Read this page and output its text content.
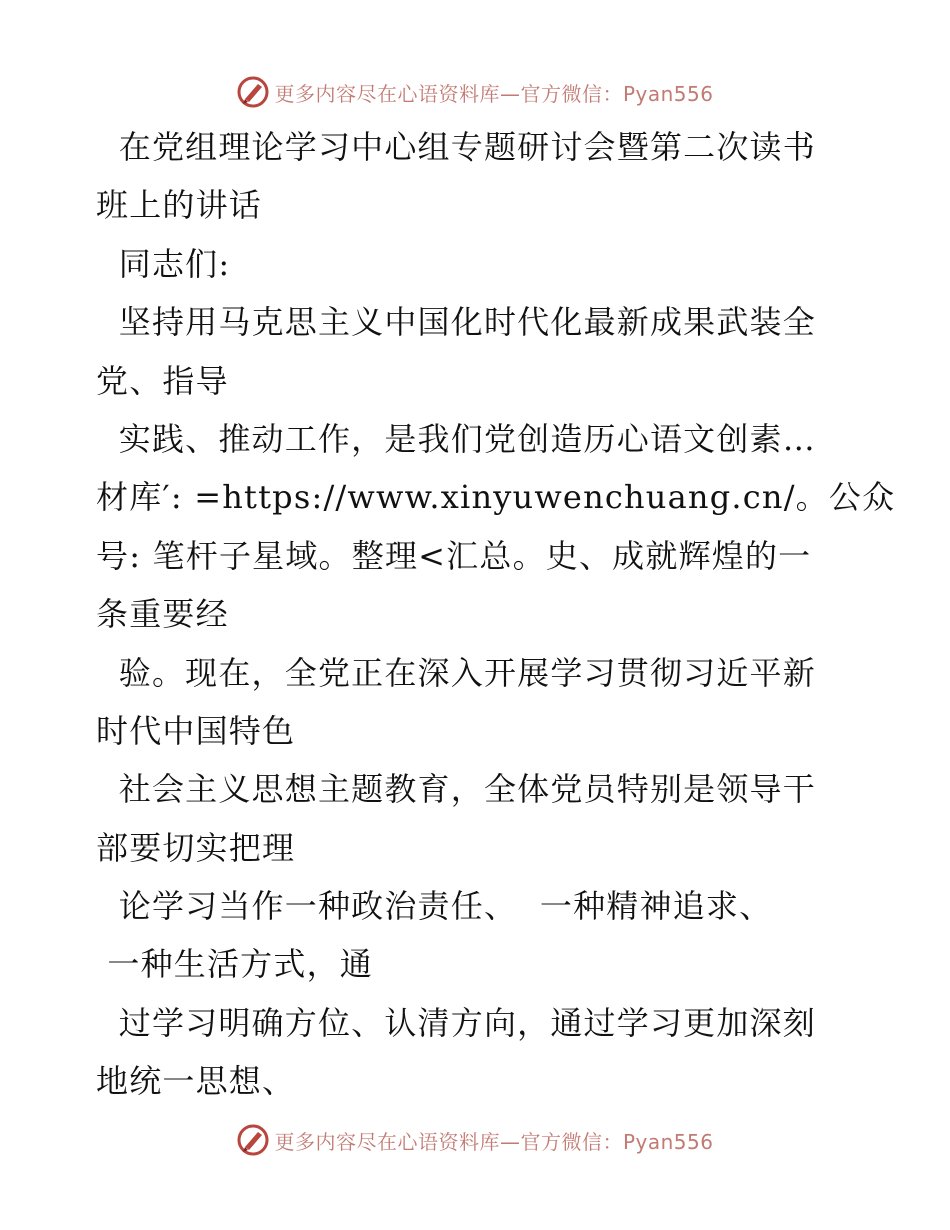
更多内容尽在心语资料库—官方微信：Pyan556
在党组理论学习中心组专题研讨会暨第二次读书
班上的讲话
同志们:
坚持用马克思主义中国化时代化最新成果武装全
党、指导
实践、推动工作，是我们党创造历心语文创素…
材库′: =https://www.xinyuwenchuang.cn/。公众
号: 笔杆子星域。整理<汇总。史、成就辉煌的一
条重要经
验。现在，全党正在深入开展学习贯彻习近平新
时代中国特色
社会主义思想主题教育，全体党员特别是领导干
部要切实把理
论学习当作一种政治责任、  一种精神追求、
一种生活方式，通
过学习明确方位、认清方向，通过学习更加深刻
地统一思想、
更多内容尽在心语资料库—官方微信：Pyan556
